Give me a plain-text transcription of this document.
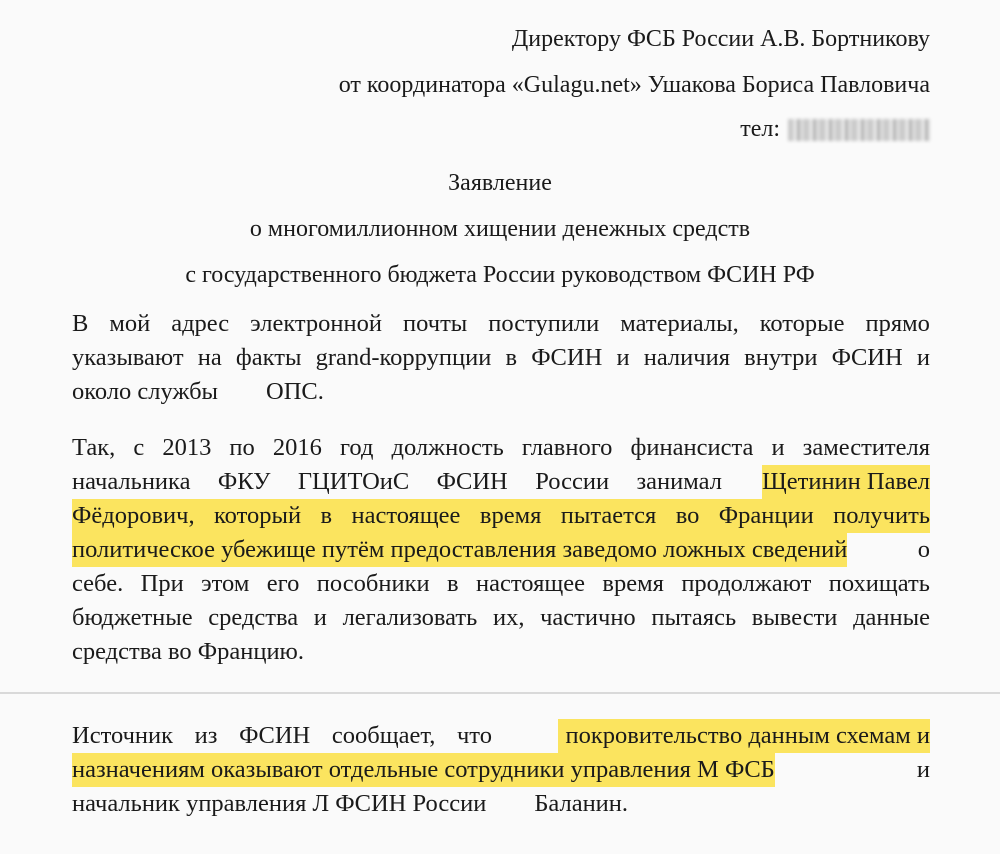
Директору ФСБ России А.В. Бортникову
от координатора «Gulagu.net» Ушакова Бориса Павловича
тел:
Заявление
о многомиллионном хищении денежных средств
с государственного бюджета России руководством ФСИН РФ
В мой адрес электронной почты поступили материалы, которые прямо
указывают на факты grand-коррупции в ФСИН и наличия внутри ФСИН и
около службы ОПС.
Так, с 2013 по 2016 год должность главного финансиста и заместителя
начальника ФКУ ГЦИТОиС ФСИН России занимал Щетинин Павел
Фёдорович, который в настоящее время пытается во Франции получить
политическое убежище путём предоставления заведомо ложных сведений	о
себе. При этом его пособники в настоящее время продолжают похищать
бюджетные средства и легализовать их, частично пытаясь вывести данные
средства во Францию.
Источник из ФСИН сообщает, что	покровительство данным схемам и
назначениям оказывают отдельные сотрудники управления М ФСБ	и
начальник управления Л ФСИН России Баланин.
